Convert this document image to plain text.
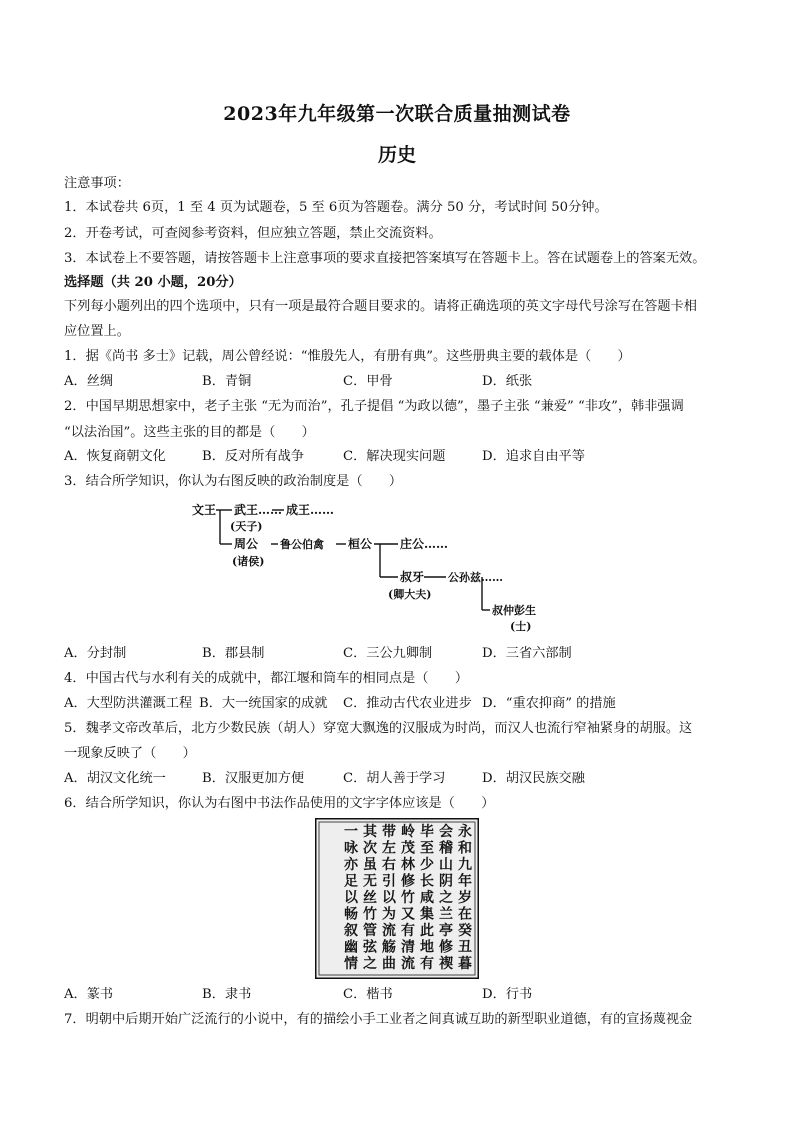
2023年九年级第一次联合质量抽测试卷
历史
注意事项：
1．本试卷共 6页，1 至 4 页为试题卷，5 至 6页为答题卷。满分 50 分，考试时间 50分钟。
2．开卷考试，可查阅参考资料，但应独立答题，禁止交流资料。
3．本试卷上不要答题，请按答题卡上注意事项的要求直接把答案填写在答题卡上。答在试题卷上的答案无效。
选择题（共 20 小题，20分）
下列每小题列出的四个选项中，只有一项是最符合题目要求的。请将正确选项的英文字母代号涂写在答题卡相
应位置上。
1．据《尚书 多士》记载，周公曾经说：“惟殷先人，有册有典”。这些册典主要的载体是（　　）
A．丝绸	B．青铜	C．甲骨	D．纸张
2．中国早期思想家中，老子主张 “无为而治”，孔子提倡 “为政以德”，墨子主张 “兼爱” “非攻”，韩非强调
“以法治国”。这些主张的目的都是（　　）
A．恢复商朝文化	B．反对所有战争	C．解决现实问题	D．追求自由平等
3．结合所学知识，你认为右图反映的政治制度是（　　）
文王 武王…… 成王……
(天子)
周公 鲁公伯禽 桓公 庄公……
(诸侯)
叔牙 公孙兹……
(卿大夫)
叔仲彭生
(士)
A．分封制	B．郡县制	C．三公九卿制	D．三省六部制
4．中国古代与水利有关的成就中，都江堰和筒车的相同点是（　　）
A．大型防洪灌溉工程 B．大一统国家的成就 C．推动古代农业进步 D．“重农抑商” 的措施
5．魏孝文帝改革后，北方少数民族（胡人）穿宽大飘逸的汉服成为时尚，而汉人也流行窄袖紧身的胡服。这
一现象反映了（　　）
A．胡汉文化统一	B．汉服更加方便	C．胡人善于学习	D．胡汉民族交融
6．结合所学知识，你认为右图中书法作品使用的文字字体应该是（　　）
永和九年岁在癸丑暮
会稽山阴之兰亭修禊
毕至少长咸集此地有
岭茂林修竹又有清流
带左右引以为流觞曲
其次虽无丝竹管弦之
一咏亦足以畅叙幽情
A．篆书	B．隶书	C．楷书	D．行书
7．明朝中后期开始广泛流行的小说中，有的描绘小手工业者之间真诚互助的新型职业道德，有的宣扬蔑视金
